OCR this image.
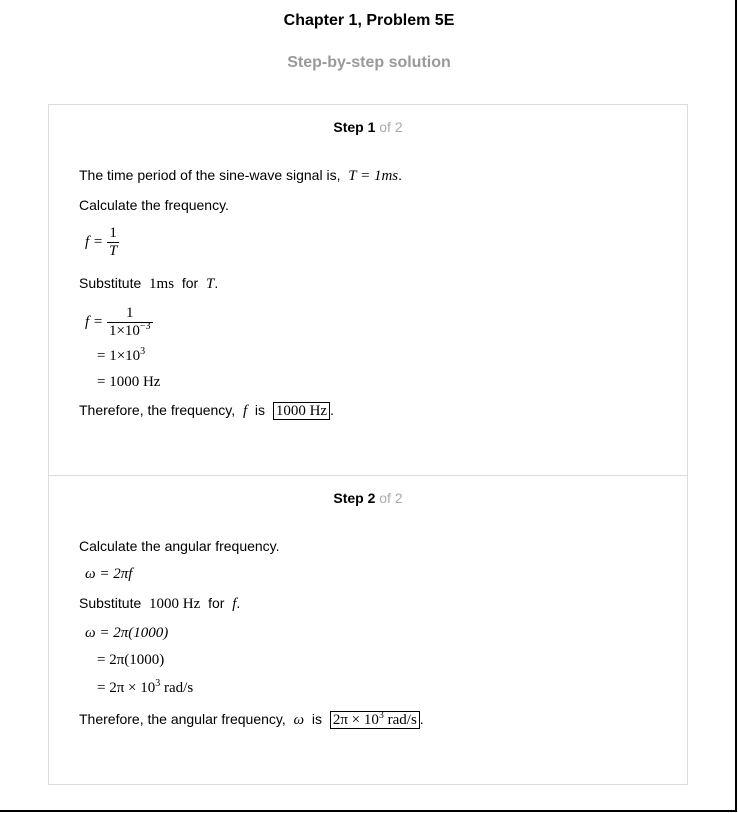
Chapter 1, Problem 5E
Step-by-step solution
Step 1 of 2
The time period of the sine-wave signal is, T = 1ms.
Calculate the frequency.
$f = \frac{1}{T}$
Substitute 1ms for T.
$f = \frac{1}{1\times 10^{-3}}$
= $1\times 10^3$
= 1000 Hz
Therefore, the frequency, f is 1000 Hz .
Step 2 of 2
Calculate the angular frequency.
ω = 2πf
Substitute 1000 Hz for f.
ω = 2π(1000)
= 2π(1000)
= $2\pi \times 10^3$ rad/s
Therefore, the angular frequency, ω is $2\pi \times 10^3$ rad/s .
